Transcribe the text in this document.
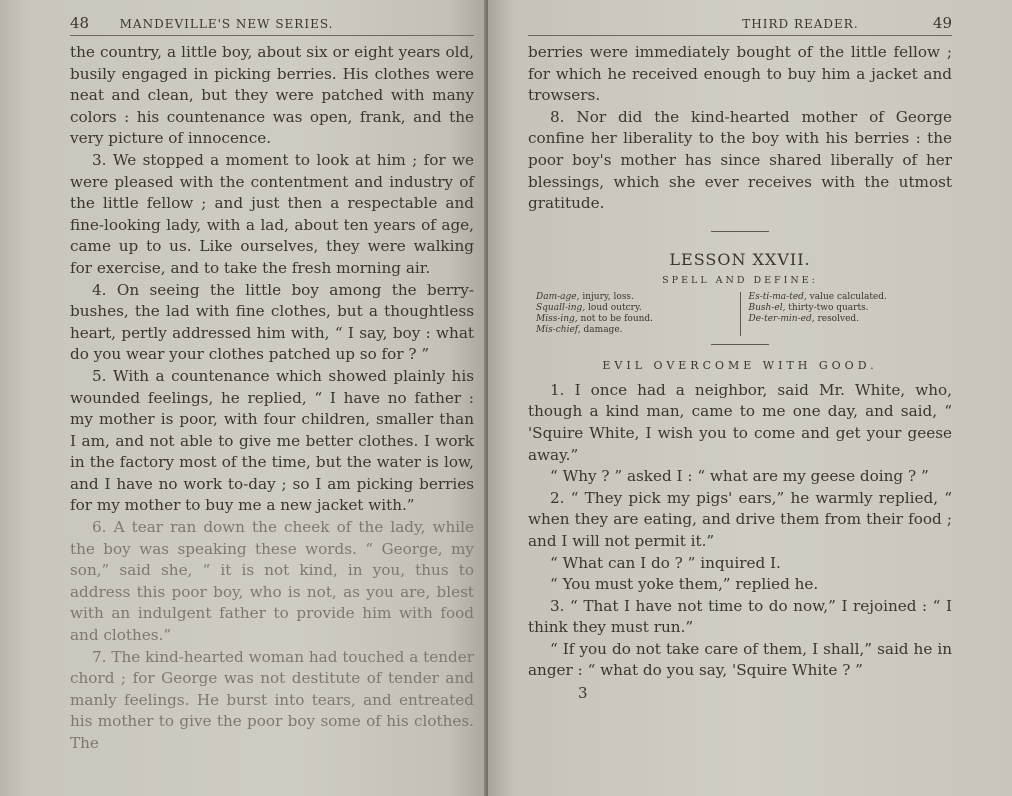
48	MANDEVILLE'S NEW SERIES.

the country, a little boy, about six or eight years old, busily engaged in picking berries. His clothes were neat and clean, but they were patched with many colors : his countenance was open, frank, and the very picture of innocence.

3. We stopped a moment to look at him ; for we were pleased with the contentment and industry of the little fellow ; and just then a respectable and fine-looking lady, with a lad, about ten years of age, came up to us. Like ourselves, they were walking for exercise, and to take the fresh morning air.

4. On seeing the little boy among the berry-bushes, the lad with fine clothes, but a thoughtless heart, pertly addressed him with, “ I say, boy : what do you wear your clothes patched up so for ? ”

5. With a countenance which showed plainly his wounded feelings, he replied, “ I have no father : my mother is poor, with four children, smaller than I am, and not able to give me better clothes. I work in the factory most of the time, but the water is low, and I have no work to-day ; so I am picking berries for my mother to buy me a new jacket with.”

6. A tear ran down the cheek of the lady, while the boy was speaking these words. “ George, my son,” said she, “ it is not kind, in you, thus to address this poor boy, who is not, as you are, blest with an indulgent father to provide him with food and clothes.”

7. The kind-hearted woman had touched a tender chord ; for George was not destitute of tender and manly feelings. He burst into tears, and entreated his mother to give the poor boy some of his clothes. The

THIRD READER.	49

berries were immediately bought of the little fellow ; for which he received enough to buy him a jacket and trowsers.

8. Nor did the kind-hearted mother of George confine her liberality to the boy with his berries : the poor boy's mother has since shared liberally of her blessings, which she ever receives with the utmost gratitude.

LESSON XXVII.
SPELL AND DEFINE:
Dam-age, injury, loss.
Squall-ing, loud outcry.
Miss-ing, not to be found.
Mis-chief, damage.
Es-ti-ma-ted, value calculated.
Bush-el, thirty-two quarts.
De-ter-min-ed, resolved.
EVIL OVERCOME WITH GOOD.

1. I once had a neighbor, said Mr. White, who, though a kind man, came to me one day, and said, “ 'Squire White, I wish you to come and get your geese away.”

“ Why ? ” asked I : “ what are my geese doing ? ”

2. “ They pick my pigs' ears,” he warmly replied, “ when they are eating, and drive them from their food ; and I will not permit it.”

“ What can I do ? ” inquired I.

“ You must yoke them,” replied he.

3. “ That I have not time to do now,” I rejoined : “ I think they must run.”

“ If you do not take care of them, I shall,” said he in anger : “ what do you say, 'Squire White ? ”

3
